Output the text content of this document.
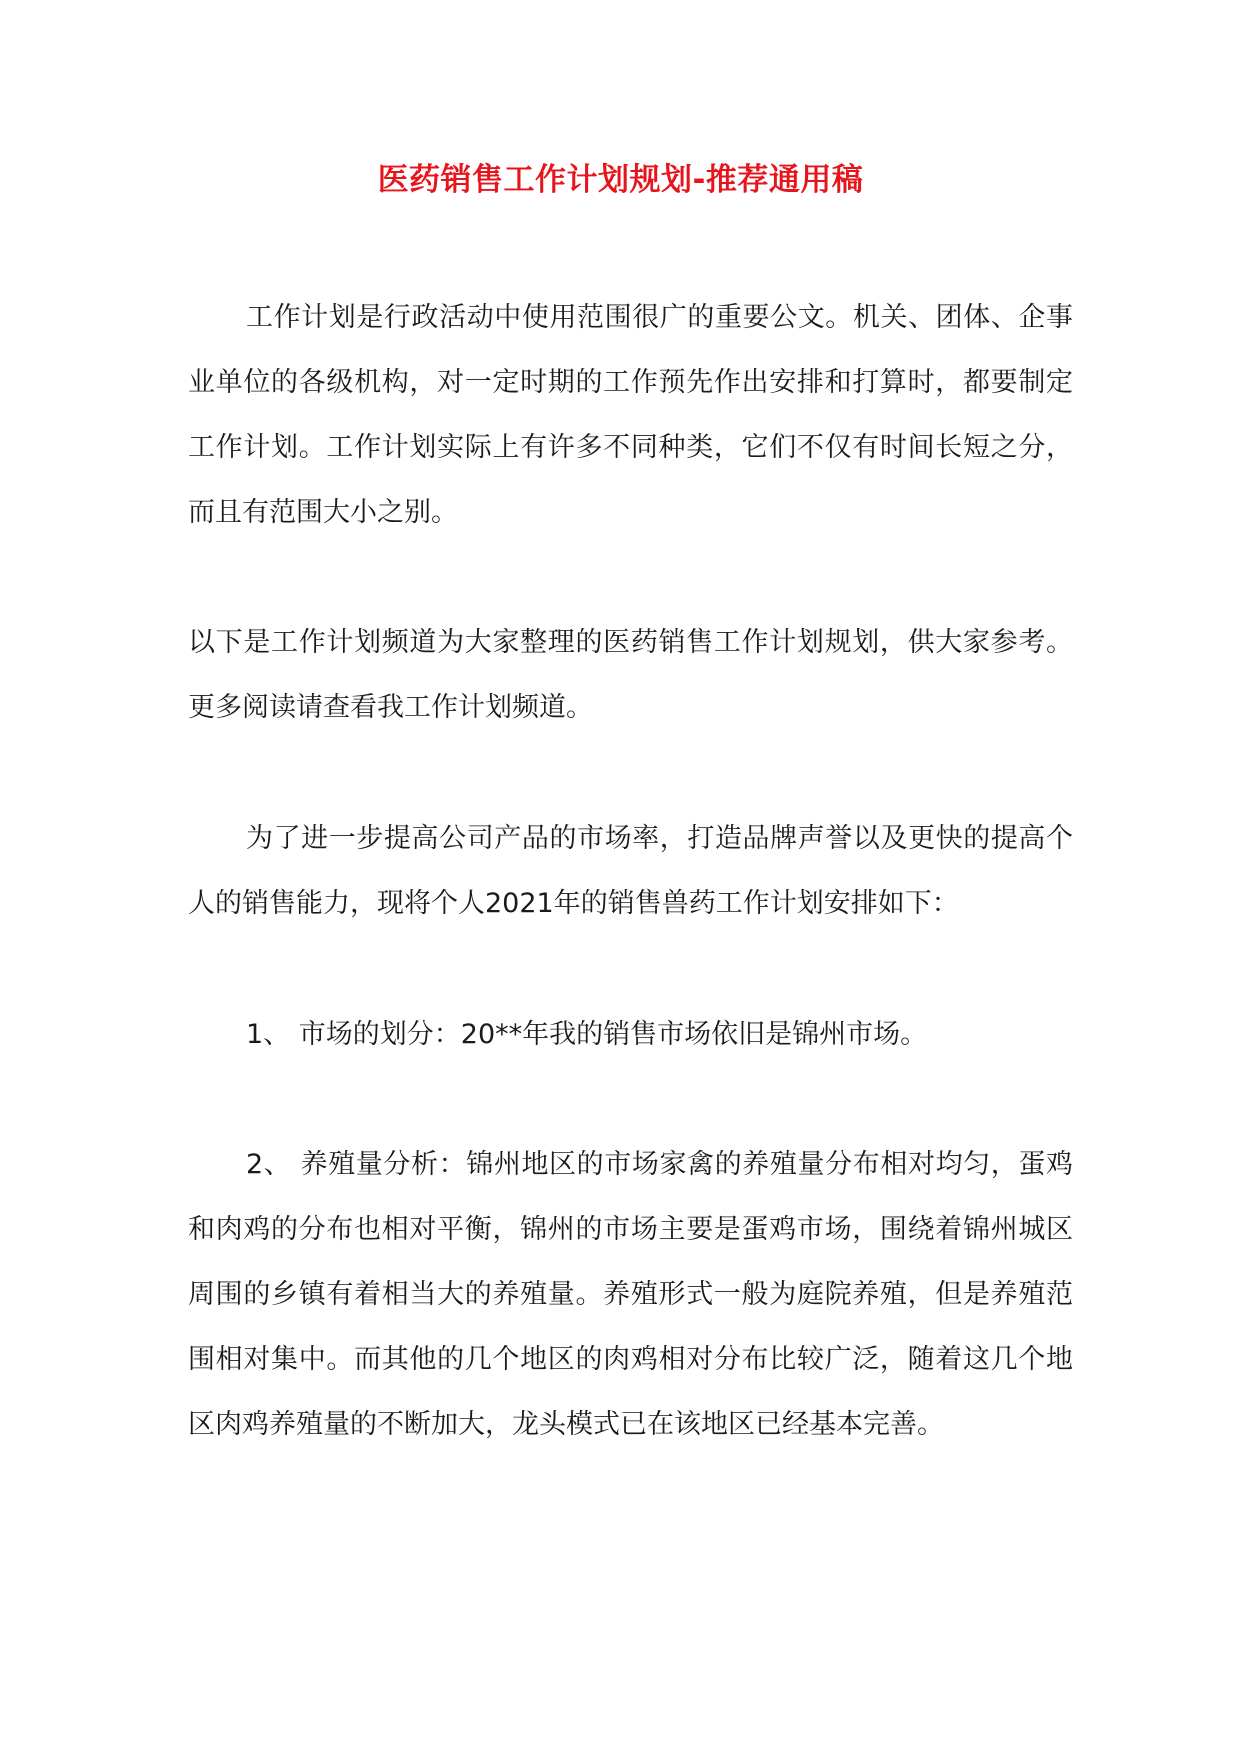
医药销售工作计划规划-推荐通用稿

工作计划是行政活动中使用范围很广的重要公文。机关、团体、企事业单位的各级机构，对一定时期的工作预先作出安排和打算时，都要制定工作计划。工作计划实际上有许多不同种类，它们不仅有时间长短之分，而且有范围大小之别。

以下是工作计划频道为大家整理的医药销售工作计划规划，供大家参考。更多阅读请查看我工作计划频道。

为了进一步提高公司产品的市场率，打造品牌声誉以及更快的提高个人的销售能力，现将个人2021年的销售兽药工作计划安排如下：

1、 市场的划分：20**年我的销售市场依旧是锦州市场。

2、 养殖量分析：锦州地区的市场家禽的养殖量分布相对均匀，蛋鸡和肉鸡的分布也相对平衡，锦州的市场主要是蛋鸡市场，围绕着锦州城区周围的乡镇有着相当大的养殖量。养殖形式一般为庭院养殖，但是养殖范围相对集中。而其他的几个地区的肉鸡相对分布比较广泛，随着这几个地区肉鸡养殖量的不断加大，龙头模式已在该地区已经基本完善。
